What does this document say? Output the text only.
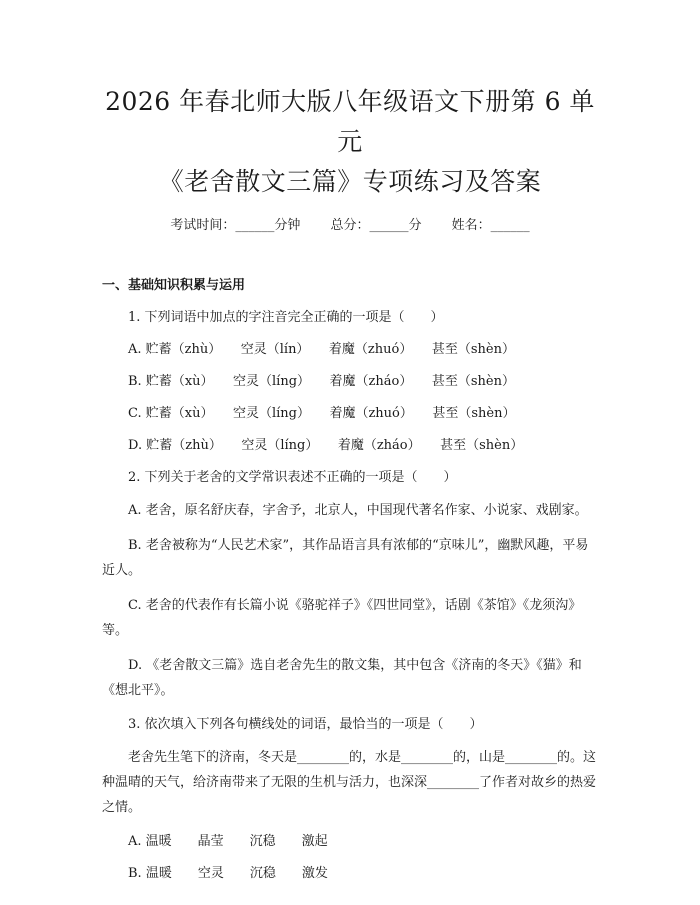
2026 年春北师大版八年级语文下册第 6 单元
《老舍散文三篇》专项练习及答案
考试时间：______分钟 总分：______分 姓名：______
一、基础知识积累与运用
1. 下列词语中加点的字注音完全正确的一项是（　　）
A. 贮蓄（zhù）　　空灵（lín）　　着魔（zhuó）　　甚至（shèn）
B. 贮蓄（xù）　　空灵（líng）　　着魔（zháo）　　甚至（shèn）
C. 贮蓄（xù）　　空灵（líng）　　着魔（zhuó）　　甚至（shèn）
D. 贮蓄（zhù）　　空灵（líng）　　着魔（zháo）　　甚至（shèn）
2. 下列关于老舍的文学常识表述不正确的一项是（　　）
A. 老舍，原名舒庆春，字舍予，北京人，中国现代著名作家、小说家、戏剧家。
B. 老舍被称为“人民艺术家”，其作品语言具有浓郁的“京味儿”，幽默风趣，平易近人。
C. 老舍的代表作有长篇小说《骆驼祥子》《四世同堂》，话剧《茶馆》《龙须沟》等。
D. 《老舍散文三篇》选自老舍先生的散文集，其中包含《济南的冬天》《猫》和《想北平》。
3. 依次填入下列各句横线处的词语，最恰当的一项是（　　）
老舍先生笔下的济南，冬天是________的，水是________的，山是________的。这种温晴的天气，给济南带来了无限的生机与活力，也深深________了作者对故乡的热爱之情。
A. 温暖　　晶莹　　沉稳　　激起
B. 温暖　　空灵　　沉稳　　激发
